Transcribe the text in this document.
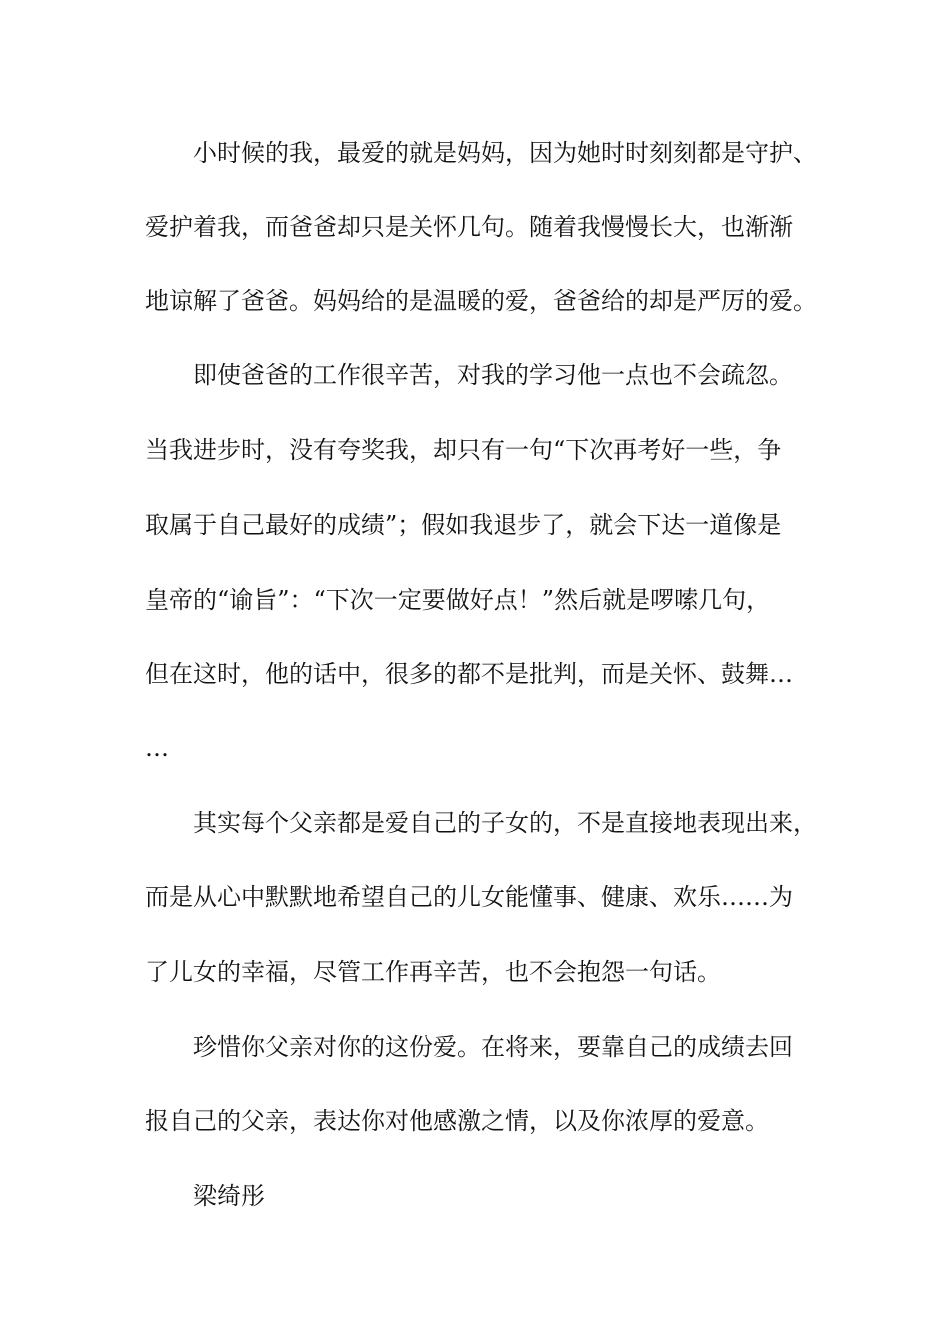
小时候的我，最爱的就是妈妈，因为她时时刻刻都是守护、
爱护着我，而爸爸却只是关怀几句。随着我慢慢长大，也渐渐
地谅解了爸爸。妈妈给的是温暖的爱，爸爸给的却是严厉的爱。
即使爸爸的工作很辛苦，对我的学习他一点也不会疏忽。
当我进步时，没有夸奖我，却只有一句“下次再考好一些，争
取属于自己最好的成绩”；假如我退步了，就会下达一道像是
皇帝的“谕旨”：“下次一定要做好点！”然后就是啰嗦几句，
但在这时，他的话中，很多的都不是批判，而是关怀、鼓舞…
…
其实每个父亲都是爱自己的子女的，不是直接地表现出来，
而是从心中默默地希望自己的儿女能懂事、健康、欢乐……为
了儿女的幸福，尽管工作再辛苦，也不会抱怨一句话。
珍惜你父亲对你的这份爱。在将来，要靠自己的成绩去回
报自己的父亲，表达你对他感激之情，以及你浓厚的爱意。
梁绮彤
